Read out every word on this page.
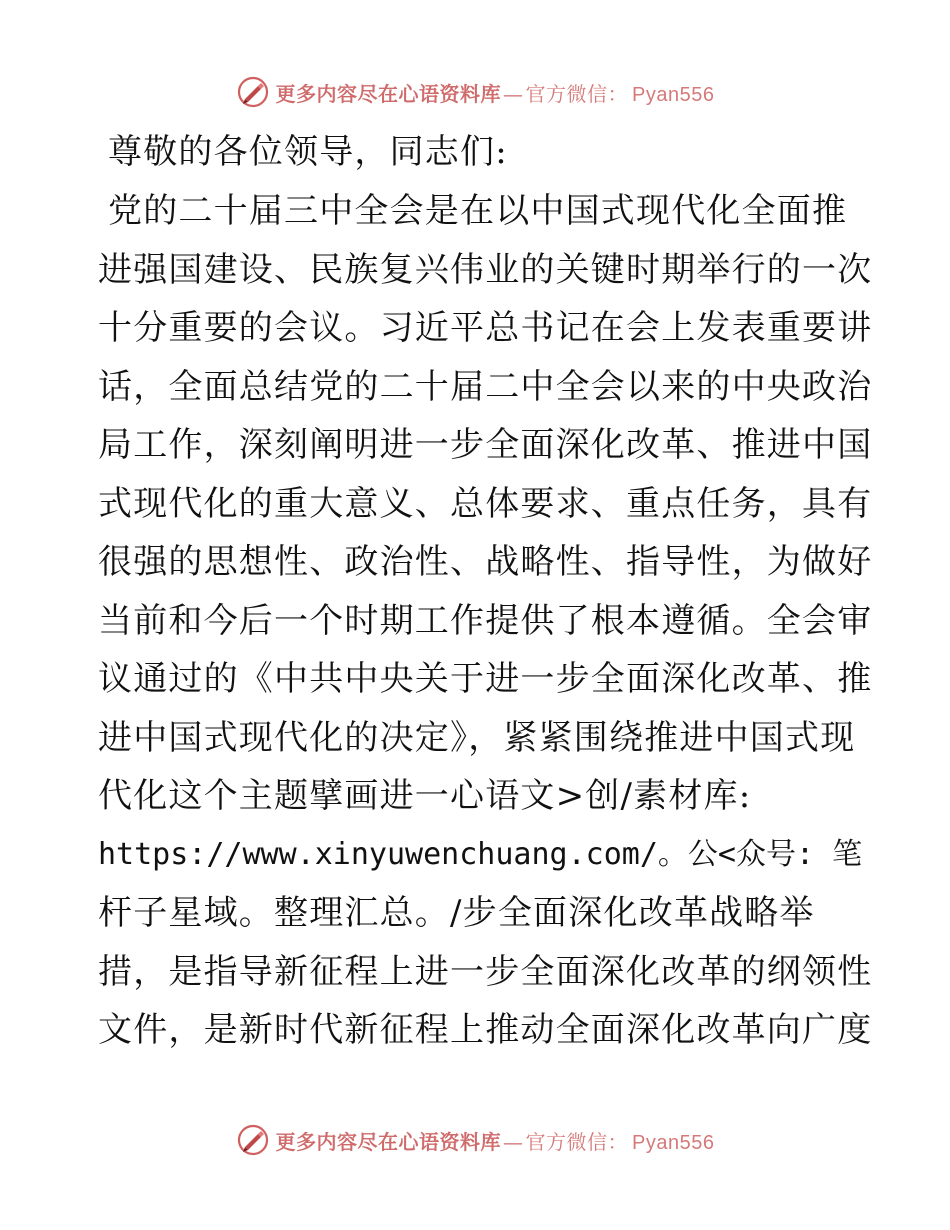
更多内容尽在心语资料库 — 官方微信： Pyan556
尊敬的各位领导，同志们:
党的二十届三中全会是在以中国式现代化全面推
进强国建设、民族复兴伟业的关键时期举行的一次
十分重要的会议。习近平总书记在会上发表重要讲
话，全面总结党的二十届二中全会以来的中央政治
局工作，深刻阐明进一步全面深化改革、推进中国
式现代化的重大意义、总体要求、重点任务，具有
很强的思想性、政治性、战略性、指导性，为做好
当前和今后一个时期工作提供了根本遵循。全会审
议通过的《中共中央关于进一步全面深化改革、推
进中国式现代化的决定》，紧紧围绕推进中国式现
代化这个主题擘画进一心语文>创/素材库:
https://www.xinyuwenchuang.com/。公<众号: 笔
杆子星域。整理汇总。/步全面深化改革战略举
措，是指导新征程上进一步全面深化改革的纲领性
文件，是新时代新征程上推动全面深化改革向广度
更多内容尽在心语资料库 — 官方微信： Pyan556
